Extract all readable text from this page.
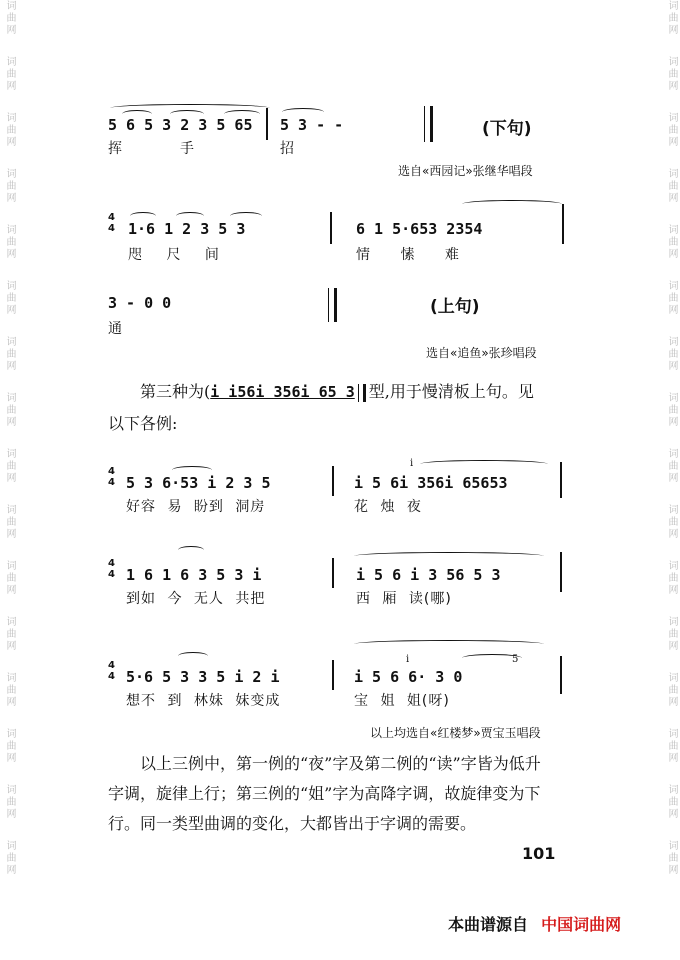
词曲网
词曲网
词曲网
词曲网
词曲网
词曲网
词曲网
词曲网
词曲网
词曲网
词曲网
词曲网
词曲网
词曲网
词曲网
词曲网
词曲网
词曲网
词曲网
词曲网
词曲网
词曲网
词曲网
词曲网
词曲网
词曲网
词曲网
词曲网
词曲网
词曲网
词曲网
词曲网
5 6 5 3 2 3 5 65 5 3 - -
挥	手	招
(下句)
选自«西园记»张继华唱段
4
4 1·6 1 2 3 5 3	6 1 5·653 2354
咫 尺 间	情 愫 难
3 - 0 0
通
(上句)
选自«追鱼»张珍唱段
第三种为(i i56i 356i 65 3 型,用于慢清板上句。见
以下各例:
4
4 5 3 6·53 i 2 3 5
i
i 5 6i 356i 65653
好容 易 盼到 洞房	花 烛 夜
4
4 1 6 1 6 3 5 3 i	i 5 6 i 3 56 5 3
到如 今 无人 共把	西 厢 读(哪)
4
4 5·6 5 3 3 5 i 2 i
i	5
i 5 6 6· 3 0
想不 到 林妹 妹变成	宝 姐 姐(呀)
以上均选自«红楼梦»贾宝玉唱段
以上三例中，第一例的“夜”字及第二例的“读”字皆为低升
字调，旋律上行；第三例的“姐”字为高降字调，故旋律变为下
行。同一类型曲调的变化，大都皆出于字调的需要。
101
本曲谱源自 中国词曲网
